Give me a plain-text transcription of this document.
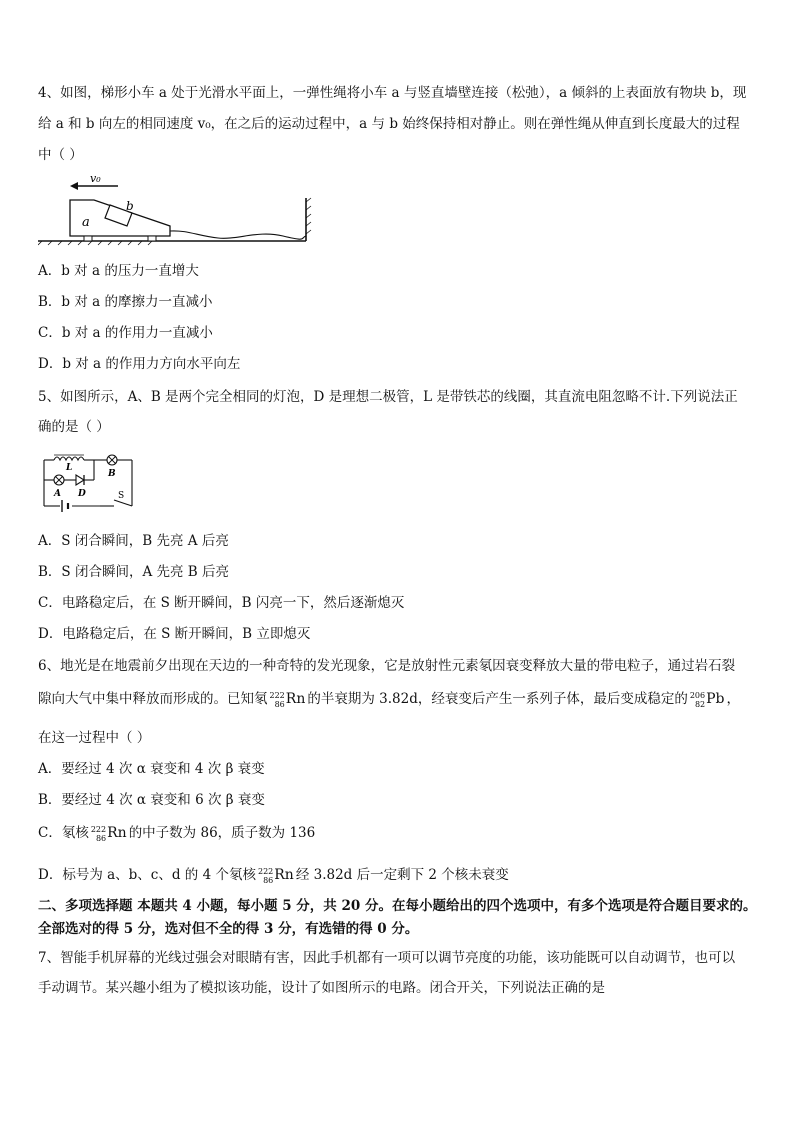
4、如图，梯形小车 a 处于光滑水平面上，一弹性绳将小车 a 与竖直墙壁连接（松弛），a 倾斜的上表面放有物块 b，现
给 a 和 b 向左的相同速度 v₀，在之后的运动过程中，a 与 b 始终保持相对静止。则在弹性绳从伸直到长度最大的过程
中（ ）
v₀
a
b
A．b 对 a 的压力一直增大
B．b 对 a 的摩擦力一直减小
C．b 对 a 的作用力一直减小
D．b 对 a 的作用力方向水平向左
5、如图所示，A、B 是两个完全相同的灯泡，D 是理想二极管，L 是带铁芯的线圈，其直流电阻忽略不计.下列说法正
确的是（ ）
L
A D
B
S
A．S 闭合瞬间，B 先亮 A 后亮
B．S 闭合瞬间，A 先亮 B 后亮
C．电路稳定后，在 S 断开瞬间，B 闪亮一下，然后逐渐熄灭
D．电路稳定后，在 S 断开瞬间，B 立即熄灭
6、地光是在地震前夕出现在天边的一种奇特的发光现象，它是放射性元素氡因衰变释放大量的带电粒子，通过岩石裂
隙向大气中集中释放而形成的。已知氡 222
86Rn 的半衰期为 3.82d，经衰变后产生一系列子体，最后变成稳定的 206
82Pb ，
在这一过程中（ ）
A．要经过 4 次 α 衰变和 4 次 β 衰变
B．要经过 4 次 α 衰变和 6 次 β 衰变
C．氡核 222
86Rn 的中子数为 86，质子数为 136
D．标号为 a、b、c、d 的 4 个氡核 222
86Rn 经 3.82d 后一定剩下 2 个核未衰变
二、多项选择题 本题共 4 小题，每小题 5 分，共 20 分。在每小题给出的四个选项中，有多个选项是符合题目要求的。
全部选对的得 5 分，选对但不全的得 3 分，有选错的得 0 分。
7、智能手机屏幕的光线过强会对眼睛有害，因此手机都有一项可以调节亮度的功能，该功能既可以自动调节，也可以
手动调节。某兴趣小组为了模拟该功能，设计了如图所示的电路。闭合开关，下列说法正确的是
